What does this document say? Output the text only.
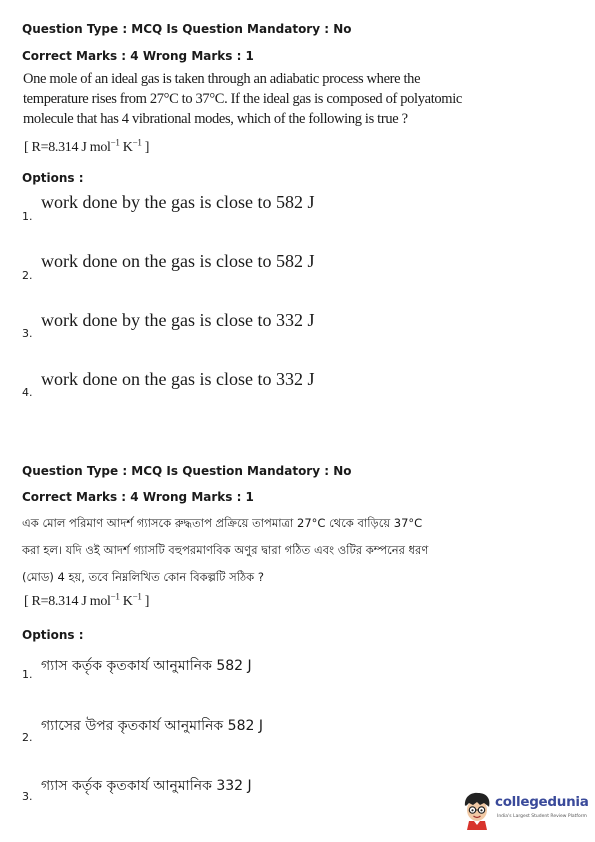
Question Type : MCQ Is Question Mandatory : No
Correct Marks : 4 Wrong Marks : 1
One mole of an ideal gas is taken through an adiabatic process where the temperature rises from 27°C to 37°C. If the ideal gas is composed of polyatomic molecule that has 4 vibrational modes, which of the following is true ?
[ R=8.314 J mol$^{-1}$ $K^{-1}$ ]
Options :
1.
work done by the gas is close to 582 J
2.
work done on the gas is close to 582 J
3.
work done by the gas is close to 332 J
4.
work done on the gas is close to 332 J
Question Type : MCQ Is Question Mandatory : No
Correct Marks : 4 Wrong Marks : 1
এক মোল পরিমাণ আদর্শ গ্যাসকে রুদ্ধতাপ প্রক্রিয়ে তাপমাত্রা 27°C থেকে বাড়িয়ে 37°C করা হল। যদি ওই আদর্শ গ্যাসটি বহুপরমাণবিক অণুর দ্বারা গঠিত এবং ওটির কম্পনের ধরণ (মোড) 4 হয়, তবে নিম্নলিখিত কোন বিকল্পটি সঠিক ?
[ R=8.314 J mol$^{-1}$ $K^{-1}$ ]
Options :
1.
গ্যাস কর্তৃক কৃতকার্য আনুমানিক 582 J
2.
গ্যাসের উপর কৃতকার্য আনুমানিক 582 J
3.
গ্যাস কর্তৃক কৃতকার্য আনুমানিক 332 J
collegedunia
India's Largest Student Review Platform
